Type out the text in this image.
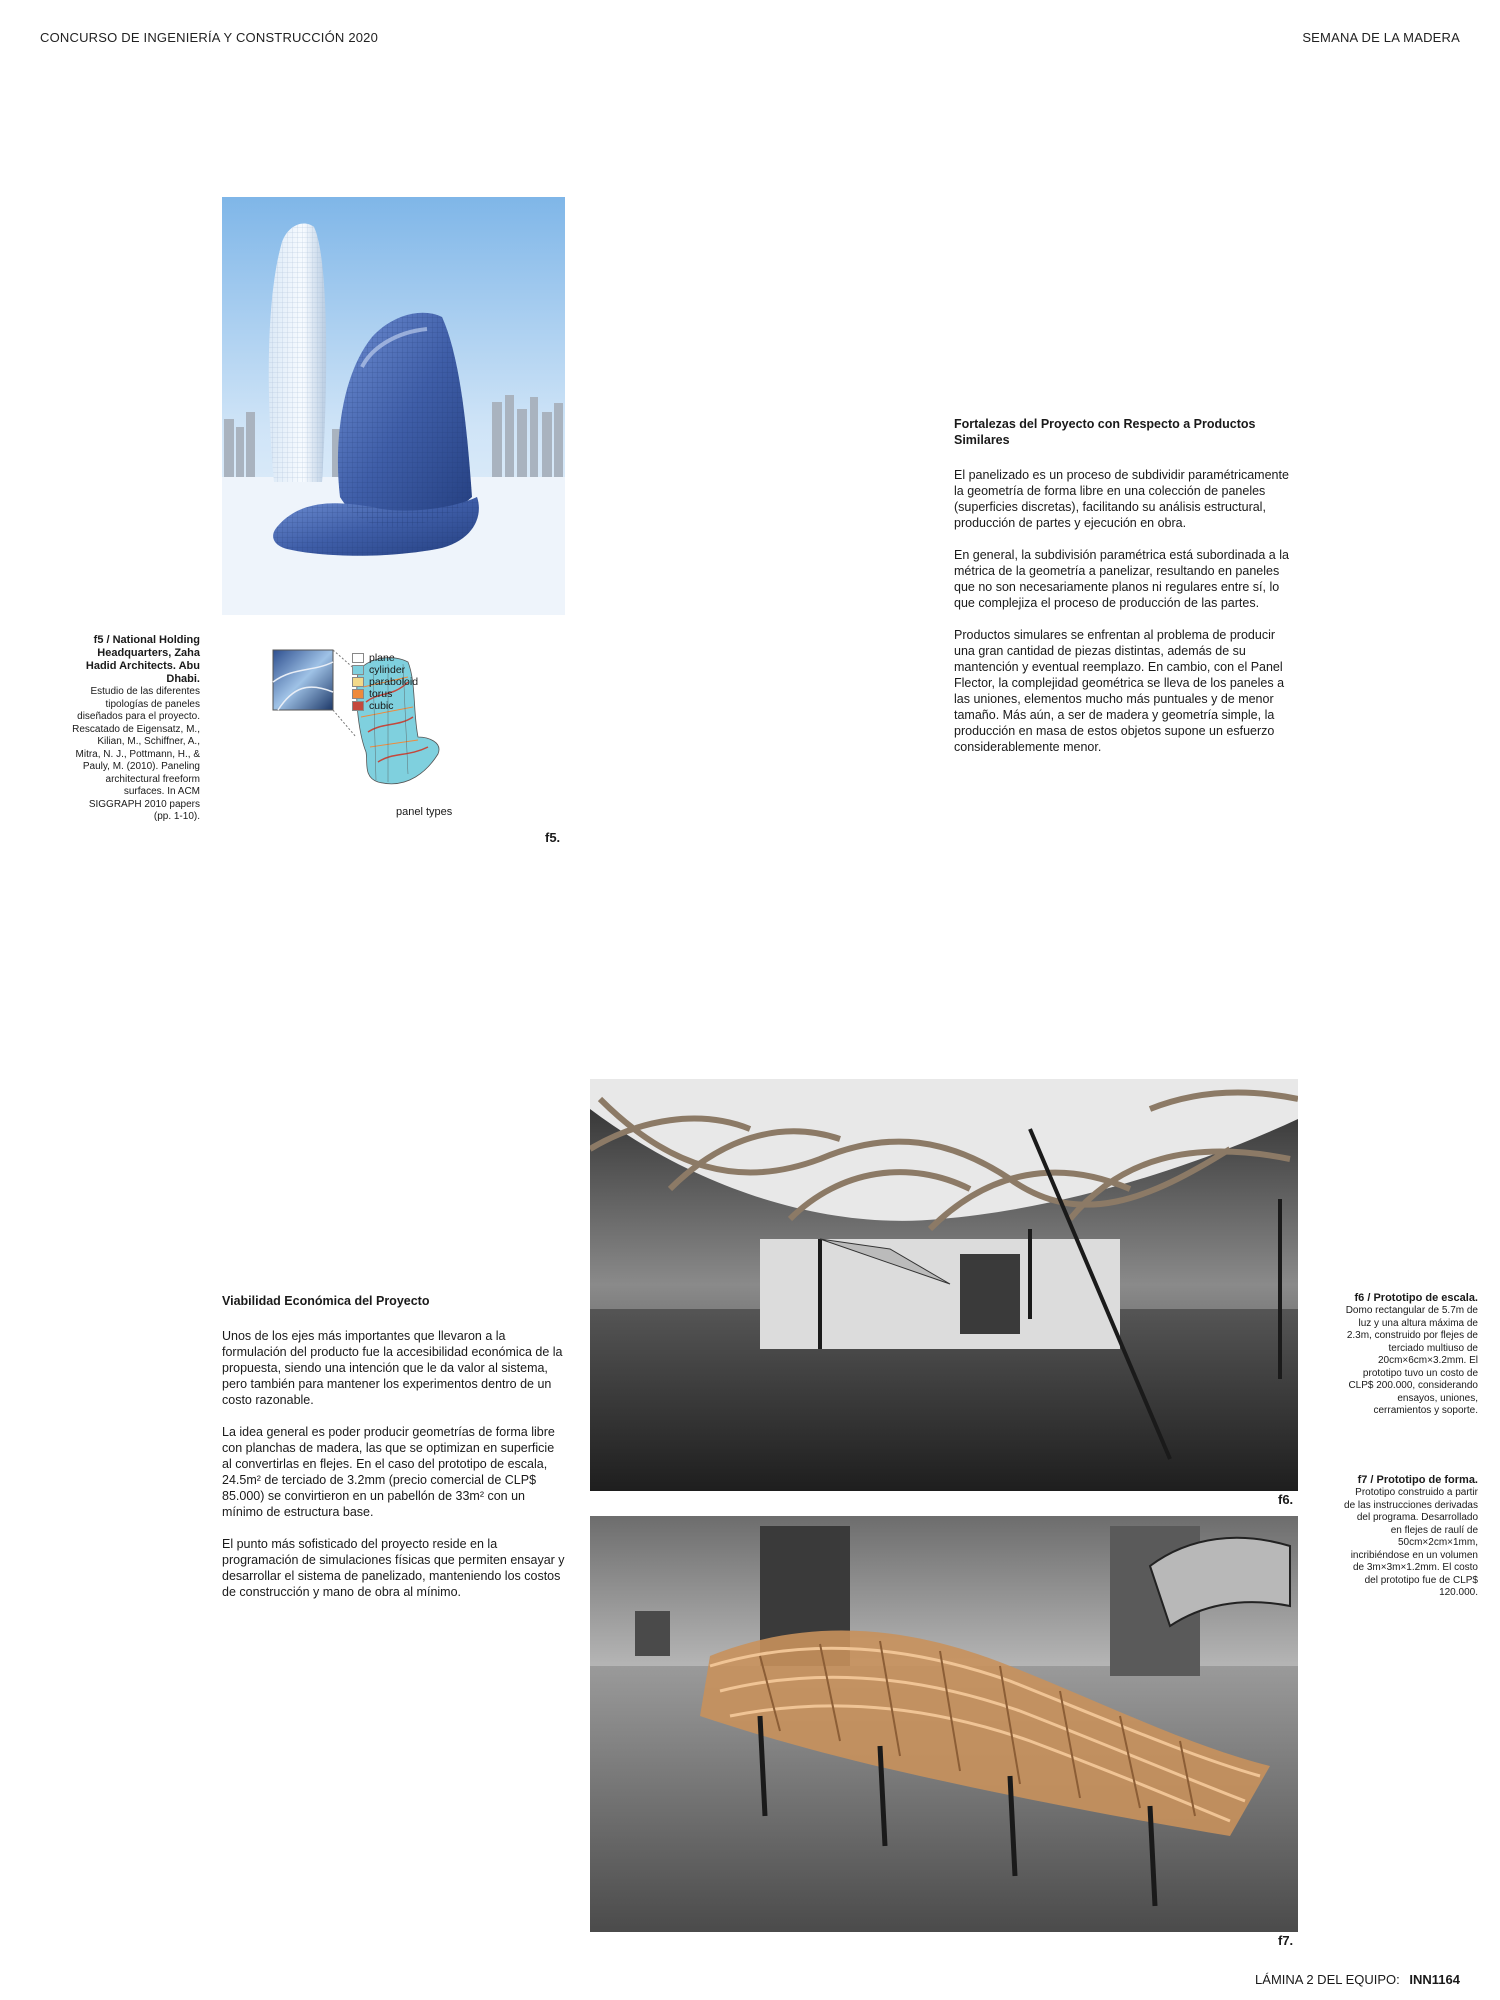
CONCURSO DE INGENIERÍA Y CONSTRUCCIÓN 2020	SEMANA DE LA MADERA
f5 / National Holding Headquarters, Zaha Hadid Architects. Abu Dhabi.
Estudio de las diferentes tipologías de paneles diseñados para el proyecto. Rescatado de Eigensatz, M., Kilian, M., Schiffner, A., Mitra, N. J., Pottmann, H., & Pauly, M. (2010). Paneling architectural freeform surfaces. In ACM SIGGRAPH 2010 papers (pp. 1-10).
plane
cylinder
paraboloid
torus
cubic
panel types
f5.
Fortalezas del Proyecto con Respecto a Productos Similares

El panelizado es un proceso de subdividir paramétricamente la geometría de forma libre en una colección de paneles (superficies discretas), facilitando su análisis estructural, producción de partes y ejecución en obra.

En general, la subdivisión paramétrica está subordinada a la métrica de la geometría a panelizar, resultando en paneles que no son necesariamente planos ni regulares entre sí, lo que complejiza el proceso de producción de las partes.

Productos simulares se enfrentan al problema de producir una gran cantidad de piezas distintas, además de su mantención y eventual reemplazo. En cambio, con el Panel Flector, la complejidad geométrica se lleva de los paneles a las uniones, elementos mucho más puntuales y de menor tamaño. Más aún, a ser de madera y geometría simple, la producción en masa de estos objetos supone un esfuerzo considerablemente menor.

Viabilidad Económica del Proyecto

Unos de los ejes más importantes que llevaron a la formulación del producto fue la accesibilidad económica de la propuesta, siendo una intención que le da valor al sistema, pero también para mantener los experimentos dentro de un costo razonable.

La idea general es poder producir geometrías de forma libre con planchas de madera, las que se optimizan en superficie al convertirlas en flejes. En el caso del prototipo de escala, 24.5m² de terciado de 3.2mm (precio comercial de CLP$ 85.000) se convirtieron en un pabellón de 33m² con un mínimo de estructura base.

El punto más sofisticado del proyecto reside en la programación de simulaciones físicas que permiten ensayar y desarrollar el sistema de panelizado, manteniendo los costos de construcción y mano de obra al mínimo.

f6.
f7.
f6 / Prototipo de escala.
Domo rectangular de 5.7m de luz y una altura máxima de 2.3m, construido por flejes de terciado multiuso de 20cm×6cm×3.2mm. El prototipo tuvo un costo de CLP$ 200.000, considerando ensayos, uniones, cerramientos y soporte.
f7 / Prototipo de forma.
Prototipo construido a partir de las instrucciones derivadas del programa. Desarrollado en flejes de raulí de 50cm×2cm×1mm, incribiéndose en un volumen de 3m×3m×1.2mm. El costo del prototipo fue de CLP$ 120.000.
LÁMINA 2 DEL EQUIPO: INN1164
